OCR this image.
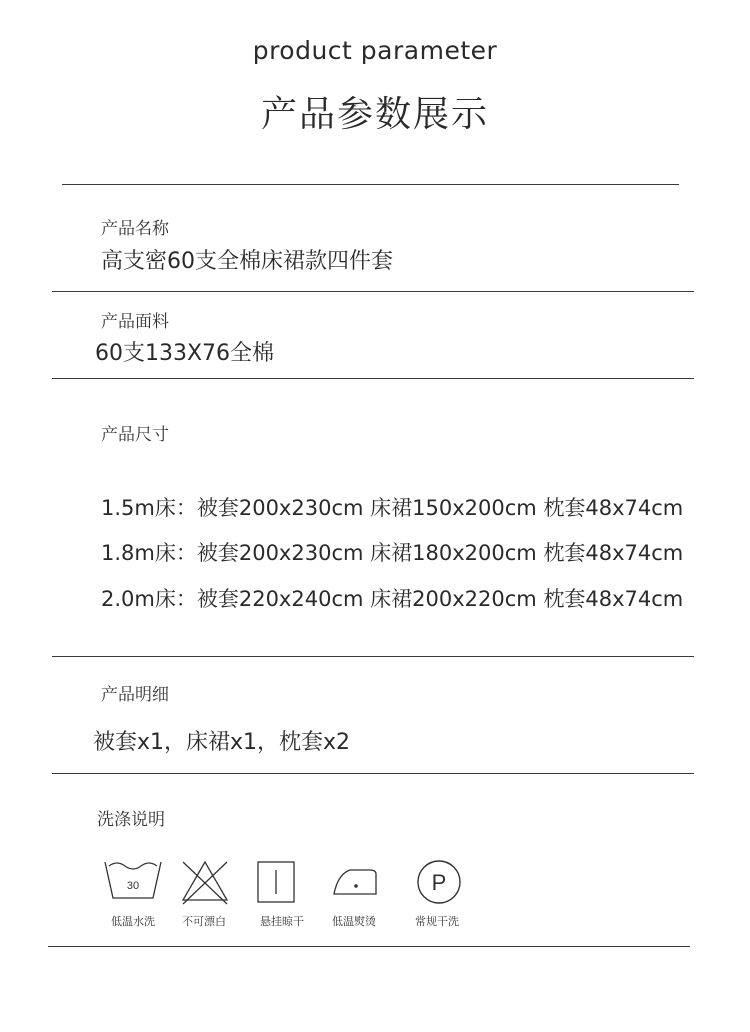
product parameter
产品参数展示
产品名称
高支密60支全棉床裙款四件套
产品面料
60支133X76全棉
产品尺寸
1.5m床：被套200x230cm 床裙150x200cm 枕套48x74cm
1.8m床：被套200x230cm 床裙180x200cm 枕套48x74cm
2.0m床：被套220x240cm 床裙200x220cm 枕套48x74cm
产品明细
被套x1，床裙x1，枕套x2
洗涤说明
30
低温水洗	不可漂白	悬挂晾干	低温熨烫
P
常规干洗
